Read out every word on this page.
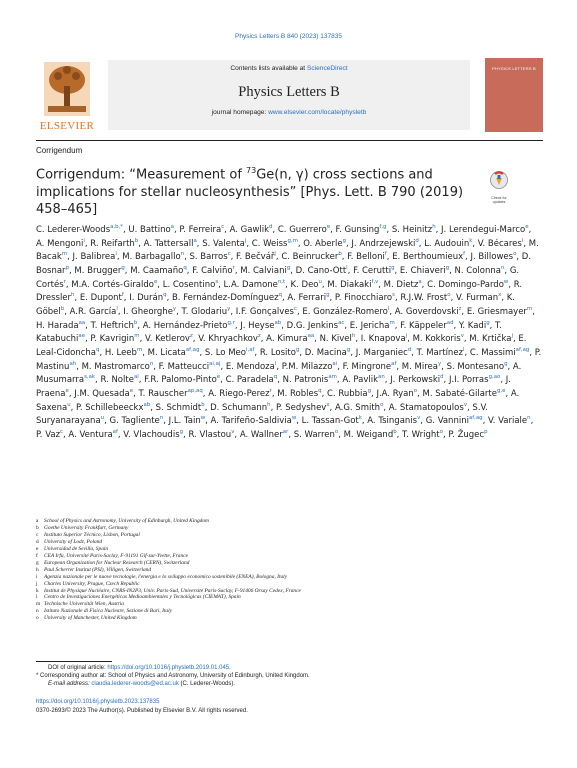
Physics Letters B 840 (2023) 137835
ELSEVIER
Contents lists available at ScienceDirect
Physics Letters B
journal homepage: www.elsevier.com/locate/physletb
PHYSICS LETTERS B
Corrigendum
Corrigendum: “Measurement of $^{73}$Ge(n, γ) cross sections and implications for stellar nucleosynthesis” [Phys. Lett. B 790 (2019) 458–465]
Check for updates
C. Lederer-Woods$^{a,b,*}$, U. Battino$^a$, P. Ferreira$^c$, A. Gawlik$^d$, C. Guerrero$^e$, F. Gunsing$^{f,g}$, S. Heinitz$^h$, J. Lerendegui-Marco$^e$, A. Mengoni$^i$, R. Reifarth$^b$, A. Tattersall$^a$, S. Valenta$^j$, C. Weiss$^{g,m}$, O. Aberle$^g$, J. Andrzejewski$^d$, L. Audouin$^k$, V. Bécares$^l$, M. Bacak$^m$, J. Balibrea$^l$, M. Barbagallo$^n$, S. Barros$^c$, F. Bečvář$^j$, C. Beinrucker$^b$, F. Belloni$^f$, E. Berthoumieux$^f$, J. Billowes$^o$, D. Bosnar$^p$, M. Brugger$^g$, M. Caamaño$^q$, F. Calviño$^r$, M. Calviani$^g$, D. Cano-Ott$^l$, F. Cerutti$^g$, E. Chiaveri$^g$, N. Colonna$^n$, G. Cortés$^r$, M.A. Cortés-Giraldo$^e$, L. Cosentino$^s$, L.A. Damone$^{n,t}$, K. Deo$^u$, M. Diakaki$^{f,v}$, M. Dietz$^a$, C. Domingo-Pardo$^w$, R. Dressler$^h$, E. Dupont$^f$, I. Durán$^q$, B. Fernández-Domínguez$^q$, A. Ferrari$^g$, P. Finocchiaro$^s$, R.J.W. Frost$^o$, V. Furman$^x$, K. Göbel$^b$, A.R. García$^l$, I. Gheorghe$^y$, T. Glodariu$^y$, I.F. Gonçalves$^c$, E. González-Romero$^l$, A. Goverdovski$^z$, E. Griesmayer$^m$, H. Harada$^{aa}$, T. Heftrich$^b$, A. Hernández-Prieto$^{g,r}$, J. Heyse$^{ab}$, D.G. Jenkins$^{ac}$, E. Jericha$^m$, F. Käppeler$^{ad}$, Y. Kadi$^g$, T. Katabuchi$^{ae}$, P. Kavrigin$^m$, V. Ketlerov$^z$, V. Khryachkov$^z$, A. Kimura$^{aa}$, N. Kivel$^h$, I. Knapova$^j$, M. Kokkoris$^v$, M. Krtička$^j$, E. Leal-Cidoncha$^q$, H. Leeb$^m$, M. Licata$^{af,ag}$, S. Lo Meo$^{i,af}$, R. Losito$^g$, D. Macina$^g$, J. Marganiec$^d$, T. Martínez$^l$, C. Massimi$^{af,ag}$, P. Mastinu$^{ah}$, M. Mastromarco$^n$, F. Matteucci$^{ai,aj}$, E. Mendoza$^l$, P.M. Milazzo$^{ai}$, F. Mingrone$^{af}$, M. Mirea$^y$, S. Montesano$^g$, A. Musumarra$^{s,ak}$, R. Nolte$^{al}$, F.R. Palomo-Pinto$^e$, C. Paradela$^q$, N. Patronis$^{am}$, A. Pavlik$^{an}$, J. Perkowski$^d$, J.I. Porras$^{g,ao}$, J. Praena$^e$, J.M. Quesada$^e$, T. Rauscher$^{ap,aq}$, A. Riego-Perez$^r$, M. Robles$^q$, C. Rubbia$^g$, J.A. Ryan$^o$, M. Sabaté-Gilarte$^{g,e}$, A. Saxena$^u$, P. Schillebeeckx$^{ab}$, S. Schmidt$^b$, D. Schumann$^h$, P. Sedyshev$^x$, A.G. Smith$^o$, A. Stamatopoulos$^v$, S.V. Suryanarayana$^u$, G. Tagliente$^n$, J.L. Tain$^w$, A. Tarifeño-Saldivia$^w$, L. Tassan-Got$^k$, A. Tsinganis$^v$, G. Vannini$^{af,ag}$, V. Variale$^n$, P. Vaz$^c$, A. Ventura$^{af}$, V. Vlachoudis$^g$, R. Vlastou$^v$, A. Wallner$^{ar}$, S. Warren$^o$, M. Weigand$^b$, T. Wright$^o$, P. Žugec$^p$
a School of Physics and Astronomy, University of Edinburgh, United Kingdom
b Goethe University Frankfurt, Germany
c Instituto Superior Técnico, Lisbon, Portugal
d University of Lodz, Poland
e Universidad de Sevilla, Spain
f CEA Irfu, Université Paris-Saclay, F-91191 Gif-sur-Yvette, France
g European Organization for Nuclear Research (CERN), Switzerland
h Paul Scherrer Institut (PSI), Villigen, Switzerland
i Agenzia nazionale per le nuove tecnologie, l'energia e lo sviluppo economico sostenibile (ENEA), Bologna, Italy
j Charles University, Prague, Czech Republic
k Institut de Physique Nucléaire, CNRS-IN2P3, Univ. Paris-Sud, Université Paris-Saclay, F-91406 Orsay Cedex, France
l Centro de Investigaciones Energéticas Medioambientales y Tecnológicas (CIEMAT), Spain
m Technische Universität Wien, Austria
n Istituto Nazionale di Fisica Nucleare, Sezione di Bari, Italy
o University of Manchester, United Kingdom
DOI of original article: https://doi.org/10.1016/j.physletb.2019.01.045.
* Corresponding author at: School of Physics and Astronomy, University of Edinburgh, United Kingdom.
E-mail address: claudia.lederer-woods@ed.ac.uk (C. Lederer-Woods).
https://doi.org/10.1016/j.physletb.2023.137835
0370-2693/© 2023 The Author(s). Published by Elsevier B.V. All rights reserved.
